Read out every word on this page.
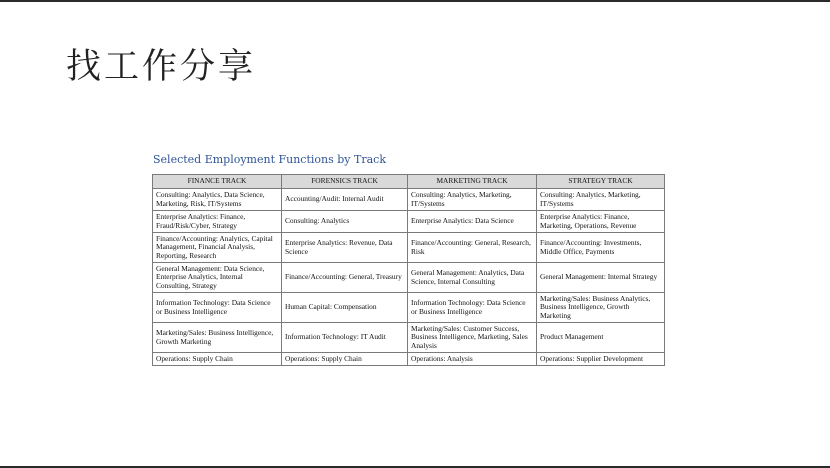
找工作分享
Selected Employment Functions by Track
FINANCE TRACK	FORENSICS TRACK	MARKETING TRACK	STRATEGY TRACK
Consulting: Analytics, Data Science, Marketing, Risk, IT/Systems	Accounting/Audit: Internal Audit	Consulting: Analytics, Marketing, IT/Systems	Consulting: Analytics, Marketing, IT/Systems
Enterprise Analytics: Finance, Fraud/Risk/Cyber, Strategy	Consulting: Analytics	Enterprise Analytics: Data Science	Enterprise Analytics: Finance, Marketing, Operations, Revenue
Finance/Accounting: Analytics, Capital Management, Financial Analysis, Reporting, Research	Enterprise Analytics: Revenue, Data Science	Finance/Accounting: General, Research, Risk	Finance/Accounting: Investments, Middle Office, Payments
General Management: Data Science, Enterprise Analytics, Internal Consulting, Strategy	Finance/Accounting: General, Treasury	General Management: Analytics, Data Science, Internal Consulting	General Management: Internal Strategy
Information Technology: Data Science or Business Intelligence	Human Capital: Compensation	Information Technology: Data Science or Business Intelligence	Marketing/Sales: Business Analytics, Business Intelligence, Growth Marketing
Marketing/Sales: Business Intelligence, Growth Marketing	Information Technology: IT Audit	Marketing/Sales: Customer Success, Business Intelligence, Marketing, Sales Analysis	Product Management
Operations: Supply Chain	Operations: Supply Chain	Operations: Analysis	Operations: Supplier Development
